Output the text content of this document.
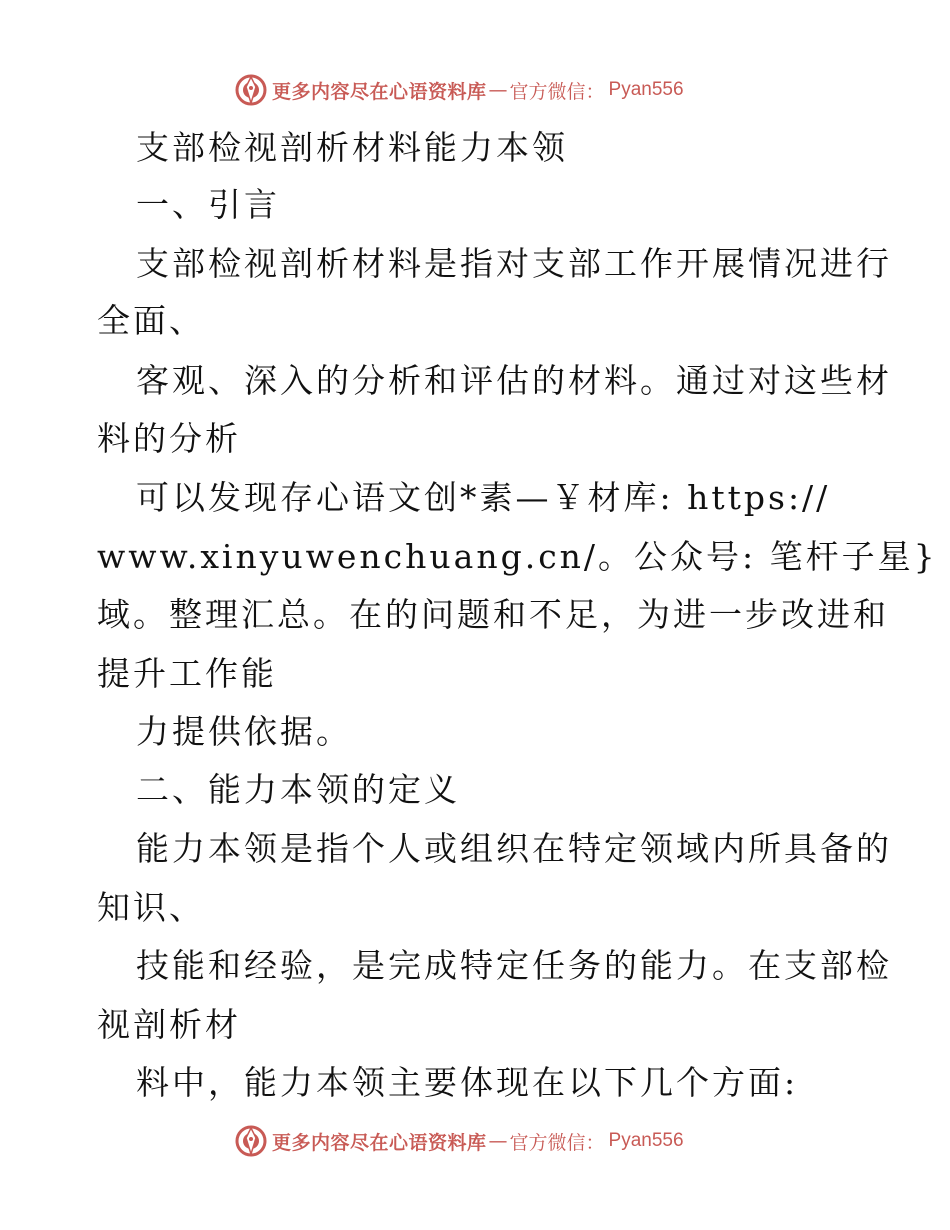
更多内容尽在心语资料库 — 官方微信： Pyan556
支部检视剖析材料能力本领
一、引言
支部检视剖析材料是指对支部工作开展情况进行
全面、
客观、深入的分析和评估的材料。通过对这些材
料的分析
可以发现存心语文创*素—￥材库: https://
www.xinyuwenchuang.cn/。公众号: 笔杆子星}
域。整理汇总。在的问题和不足，为进一步改进和
提升工作能
力提供依据。
二、能力本领的定义
能力本领是指个人或组织在特定领域内所具备的
知识、
技能和经验，是完成特定任务的能力。在支部检
视剖析材
料中，能力本领主要体现在以下几个方面:
更多内容尽在心语资料库 — 官方微信： Pyan556
